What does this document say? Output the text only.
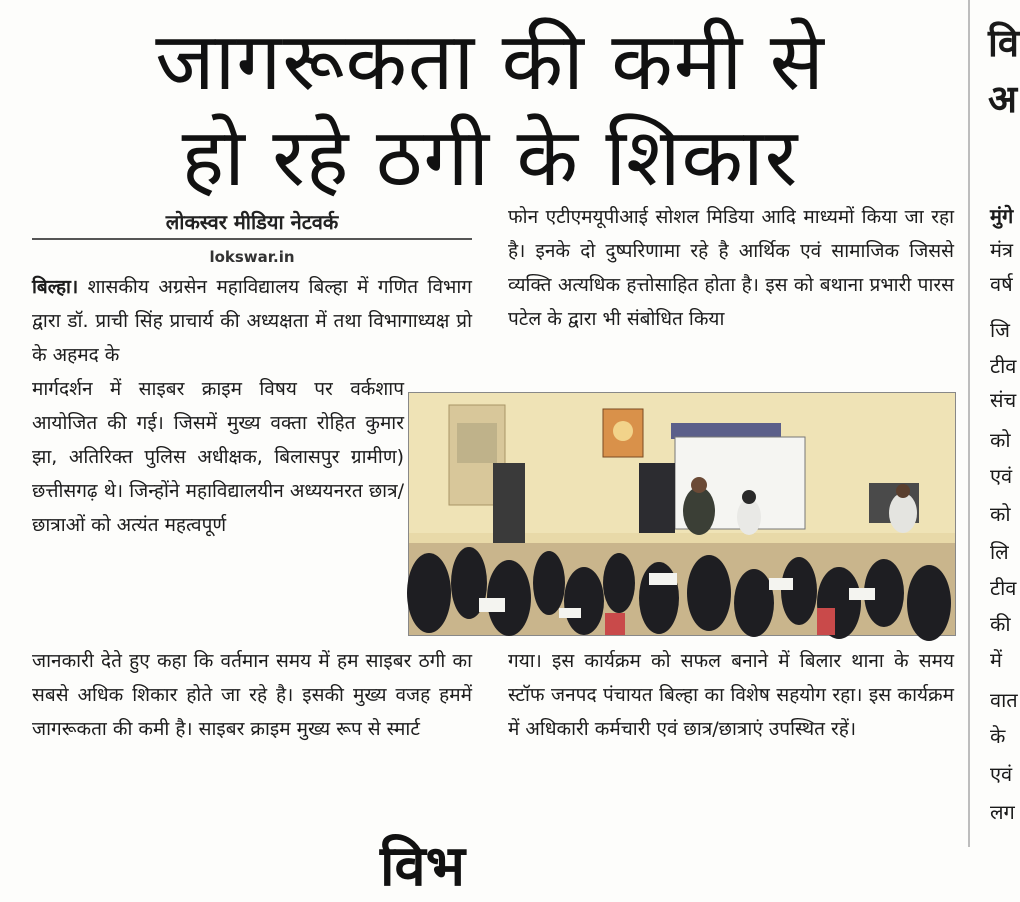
जागरूकता की कमी से
हो रहे ठगी के शिकार
लोकस्वर मीडिया नेटवर्क
lokswar.in
बिल्हा। शासकीय अग्रसेन महाविद्यालय बिल्हा में गणित विभाग द्वारा डॉ. प्राची सिंह प्राचार्य की अध्यक्षता में तथा विभागाध्यक्ष प्रो के अहमद के
मार्गदर्शन में साइबर क्राइम विषय पर वर्कशाप आयोजित की गई। जिसमें मुख्य वक्ता रोहित कुमार झा, अतिरिक्त पुलिस अधीक्षक, बिलासपुर ग्रामीण) छत्तीसगढ़ थे। जिन्होंने महाविद्यालयीन अध्ययनरत छात्र/छात्राओं को अत्यंत महत्वपूर्ण
जानकारी देते हुए कहा कि वर्तमान समय में हम साइबर ठगी का सबसे अधिक शिकार होते जा रहे है। इसकी मुख्य वजह हममें जागरूकता की कमी है। साइबर क्राइम मुख्य रूप से स्मार्ट
फोन एटीएमयूपीआई सोशल मिडिया आदि माध्यमों किया जा रहा है। इनके दो दुष्परिणामा रहे है आर्थिक एवं सामाजिक जिससे व्यक्ति अत्यधिक हत्तोसाहित होता है। इस को बथाना प्रभारी पारस पटेल के द्वारा भी संबोधित किया
गया। इस कार्यक्रम को सफल बनाने में बिलार थाना के समय स्टॉफ जनपद पंचायत बिल्हा का विशेष सहयोग रहा। इस कार्यक्रम में अधिकारी कर्मचारी एवं छात्र/छात्राएं उपस्थित रहें।
वि
अ
मुंगे
मंत्र
वर्ष
जि
टीव
संच
को
एवं
को
लि
टीव
की
में
वात
के
एवं
लग
विभ
